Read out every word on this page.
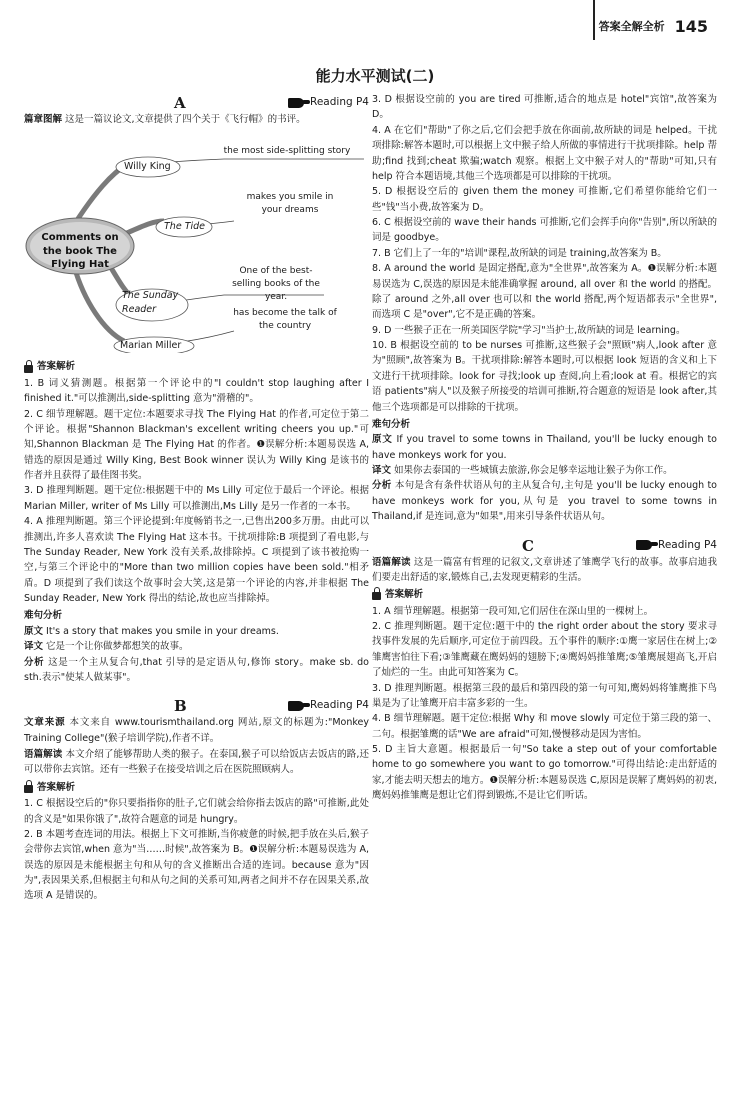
答案全解全析 145
能力水平测试(二)
A	Reading P4
篇章图解 这是一篇议论文,文章提供了四个关于《飞行帽》的书评。
Comments on the book The Flying Hat
Willy King
The Tide
The Sunday Reader
Marian Miller
the most side-splitting story
makes you smile in your dreams
One of the best-selling books of the year.
has become the talk of the country
答案解析
1. B 词义猜测题。根据第一个评论中的"I couldn't stop laughing after I finished it."可以推测出,side-splitting 意为"滑稽的"。
2. C 细节理解题。题干定位:本题要求寻找 The Flying Hat 的作者,可定位于第二个评论。根据"Shannon Blackman's excellent writing cheers you up."可知,Shannon Blackman 是 The Flying Hat 的作者。❶误解分析:本题易误选 A,错选的原因是通过 Willy King, Best Book winner 误认为 Willy King 是该书的作者并且获得了最佳图书奖。
3. D 推理判断题。题干定位:根据题干中的 Ms Lilly 可定位于最后一个评论。根据 Marian Miller, writer of Ms Lilly 可以推测出,Ms Lilly 是另一作者的一本书。
4. A 推理判断题。第三个评论提到:年度畅销书之一,已售出200多万册。由此可以推测出,许多人喜欢读 The Flying Hat 这本书。干扰项排除:B 项提到了看电影,与 The Sunday Reader, New York 没有关系,故排除掉。C 项提到了该书被抢购一空,与第三个评论中的"More than two million copies have been sold."相矛盾。D 项提到了我们读这个故事时会大笑,这是第一个评论的内容,并非根据 The Sunday Reader, New York 得出的结论,故也应当排除掉。
难句分析
原文 It's a story that makes you smile in your dreams.
译文 它是一个让你做梦都想笑的故事。
分析 这是一个主从复合句,that 引导的是定语从句,修饰 story。make sb. do sth.表示"使某人做某事"。
B	Reading P4
文章来源 本文来自 www.tourismthailand.org 网站,原文的标题为:"Monkey Training College"(猴子培训学院),作者不详。
语篇解读 本文介绍了能够帮助人类的猴子。在泰国,猴子可以给饭店去饭店的路,还可以带你去宾馆。还有一些猴子在接受培训之后在医院照顾病人。
答案解析
1. C 根据设空后的"你只要指指你的肚子,它们就会给你指去饭店的路"可推断,此处的含义是"如果你饿了",故符合题意的词是 hungry。
2. B 本题考查连词的用法。根据上下文可推断,当你疲惫的时候,把手放在头后,猴子会带你去宾馆,when 意为"当……时候",故答案为 B。❶误解分析:本题易误选为 A,误选的原因是未能根据主句和从句的含义推断出合适的连词。because 意为"因为",表因果关系,但根据主句和从句之间的关系可知,两者之间并不存在因果关系,故选项 A 是错误的。
3. D 根据设空前的 you are tired 可推断,适合的地点是 hotel"宾馆",故答案为 D。
4. A 在它们"帮助"了你之后,它们会把手放在你面前,故所缺的词是 helped。干扰项排除:解答本题时,可以根据上文中猴子给人所做的事情进行干扰项排除。help 帮助;find 找到;cheat 欺骗;watch 观察。根据上文中猴子对人的"帮助"可知,只有 help 符合本题语境,其他三个选项都是可以排除的干扰项。
5. D 根据设空后的 given them the money 可推断,它们希望你能给它们一些"钱"当小费,故答案为 D。
6. C 根据设空前的 wave their hands 可推断,它们会挥手向你"告别",所以所缺的词是 goodbye。
7. B 它们上了一年的"培训"课程,故所缺的词是 training,故答案为 B。
8. A around the world 是固定搭配,意为"全世界",故答案为 A。❶误解分析:本题易误选为 C,误选的原因是未能准确掌握 around, all over 和 the world 的搭配。除了 around 之外,all over 也可以和 the world 搭配,两个短语都表示"全世界",而选项 C 是"over",它不是正确的答案。
9. D 一些猴子正在一所美国医学院"学习"当护士,故所缺的词是 learning。
10. B 根据设空前的 to be nurses 可推断,这些猴子会"照顾"病人,look after 意为"照顾",故答案为 B。干扰项排除:解答本题时,可以根据 look 短语的含义和上下文进行干扰项排除。look for 寻找;look up 查阅,向上看;look at 看。根据它的宾语 patients"病人"以及猴子所接受的培训可推断,符合题意的短语是 look after,其他三个选项都是可以排除的干扰项。
难句分析
原文 If you travel to some towns in Thailand, you'll be lucky enough to have monkeys work for you.
译文 如果你去泰国的一些城镇去旅游,你会足够幸运地让猴子为你工作。
分析 本句是含有条件状语从句的主从复合句,主句是 you'll be lucky enough to have monkeys work for you,从句是 you travel to some towns in Thailand,if 是连词,意为"如果",用来引导条件状语从句。
C	Reading P4
语篇解读 这是一篇富有哲理的记叙文,文章讲述了雏鹰学飞行的故事。故事启迪我们要走出舒适的家,锻炼自己,去发现更精彩的生活。
答案解析
1. A 细节理解题。根据第一段可知,它们居住在深山里的一棵树上。
2. C 推理判断题。题干定位:题干中的 the right order about the story 要求寻找事件发展的先后顺序,可定位于前四段。五个事件的顺序:①鹰一家居住在树上;②雏鹰害怕往下看;③雏鹰藏在鹰妈妈的翅膀下;④鹰妈妈推雏鹰;⑤雏鹰展翅高飞,开启了灿烂的一生。由此可知答案为 C。
3. D 推理判断题。根据第三段的最后和第四段的第一句可知,鹰妈妈将雏鹰推下鸟巢是为了让雏鹰开启丰富多彩的一生。
4. B 细节理解题。题干定位:根据 Why 和 move slowly 可定位于第三段的第一、二句。根据雏鹰的话"We are afraid"可知,慢慢移动是因为害怕。
5. D 主旨大意题。根据最后一句"So take a step out of your comfortable home to go somewhere you want to go tomorrow."可得出结论:走出舒适的家,才能去明天想去的地方。❶误解分析:本题易误选 C,原因是误解了鹰妈妈的初衷,鹰妈妈推雏鹰是想让它们得到锻炼,不是让它们听话。
